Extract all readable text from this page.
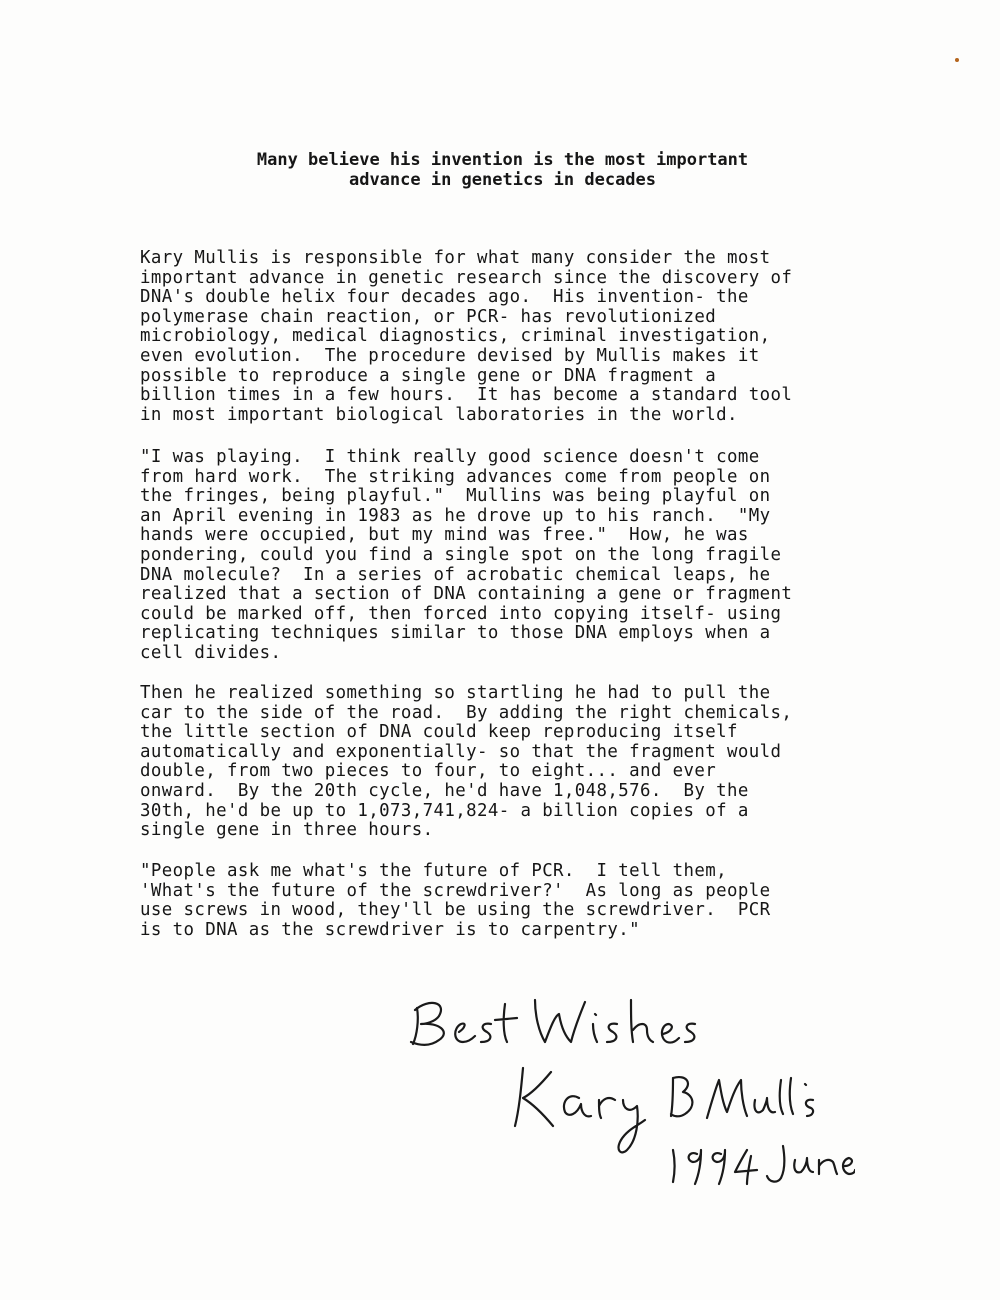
Many believe his invention is the most important
advance in genetics in decades

Kary Mullis is responsible for what many consider the most
important advance in genetic research since the discovery of
DNA's double helix four decades ago.  His invention- the
polymerase chain reaction, or PCR- has revolutionized
microbiology, medical diagnostics, criminal investigation,
even evolution.  The procedure devised by Mullis makes it
possible to reproduce a single gene or DNA fragment a
billion times in a few hours.  It has become a standard tool
in most important biological laboratories in the world.

"I was playing.  I think really good science doesn't come
from hard work.  The striking advances come from people on
the fringes, being playful."  Mullins was being playful on
an April evening in 1983 as he drove up to his ranch.  "My
hands were occupied, but my mind was free."  How, he was
pondering, could you find a single spot on the long fragile
DNA molecule?  In a series of acrobatic chemical leaps, he
realized that a section of DNA containing a gene or fragment
could be marked off, then forced into copying itself- using
replicating techniques similar to those DNA employs when a
cell divides.

Then he realized something so startling he had to pull the
car to the side of the road.  By adding the right chemicals,
the little section of DNA could keep reproducing itself
automatically and exponentially- so that the fragment would
double, from two pieces to four, to eight... and ever
onward.  By the 20th cycle, he'd have 1,048,576.  By the
30th, he'd be up to 1,073,741,824- a billion copies of a
single gene in three hours.

"People ask me what's the future of PCR.  I tell them,
'What's the future of the screwdriver?'  As long as people
use screws in wood, they'll be using the screwdriver.  PCR
is to DNA as the screwdriver is to carpentry."

Best Wishes
Kary B Mullis
1994 June
